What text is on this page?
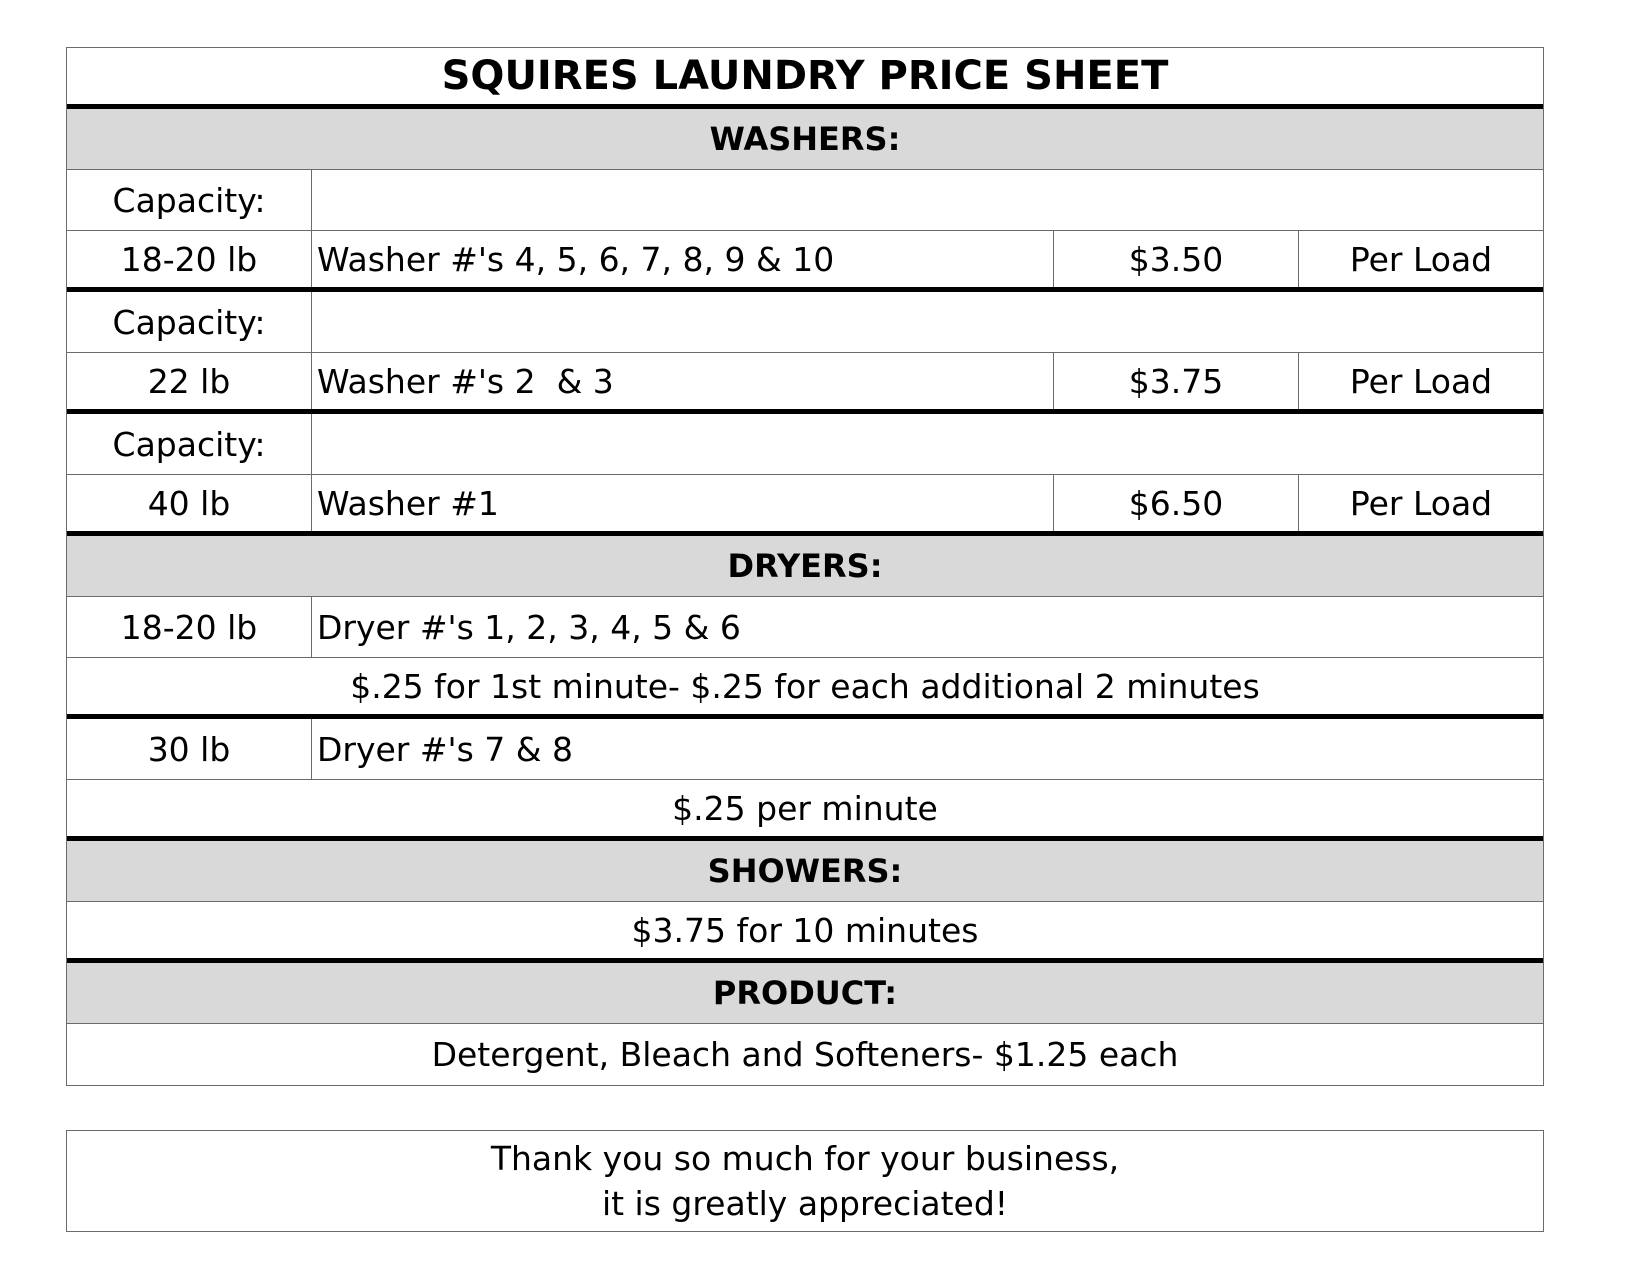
SQUIRES LAUNDRY PRICE SHEET
WASHERS:
Capacity:
18-20 lb	Washer #'s 4, 5, 6, 7, 8, 9 & 10	$3.50	Per Load
Capacity:
22 lb	Washer #'s 2  & 3	$3.75	Per Load
Capacity:
40 lb	Washer #1	$6.50	Per Load
DRYERS:
18-20 lb	Dryer #'s 1, 2, 3, 4, 5 & 6
$.25 for 1st minute- $.25 for each additional 2 minutes
30 lb	Dryer #'s 7 & 8
$.25 per minute
SHOWERS:
$3.75 for 10 minutes
PRODUCT:
Detergent, Bleach and Softeners- $1.25 each
Thank you so much for your business,
it is greatly appreciated!
